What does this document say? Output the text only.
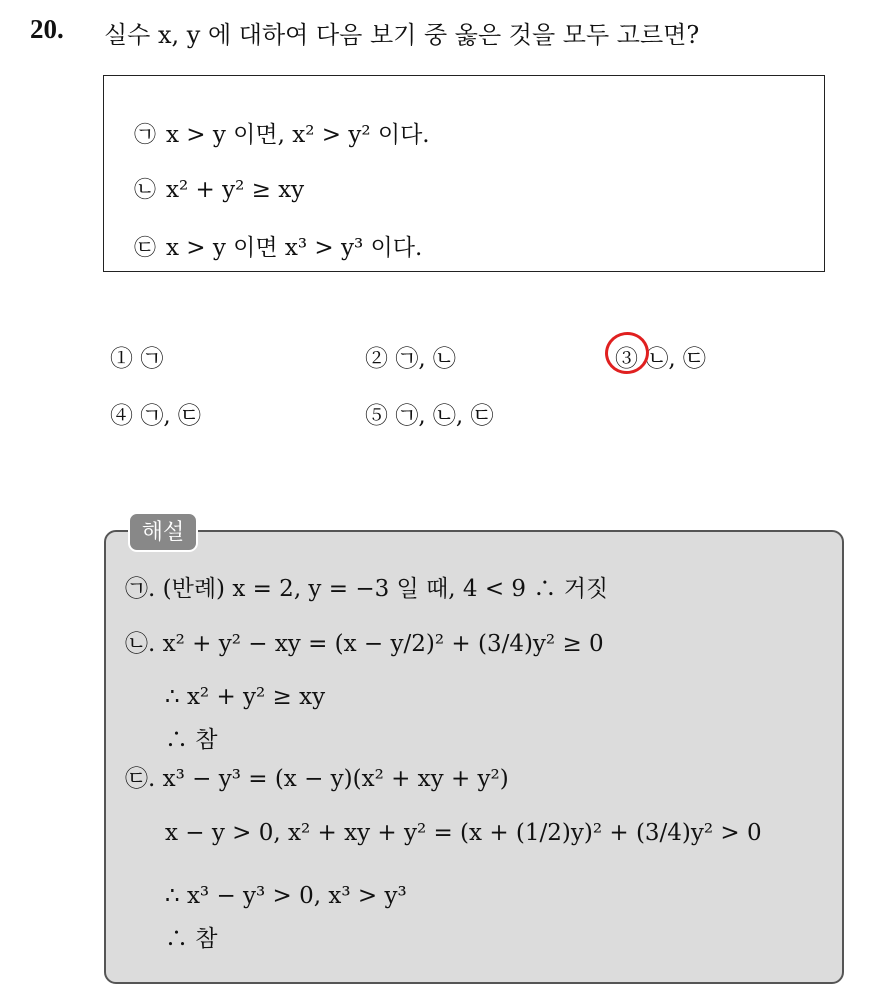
20. 실수 x, y 에 대하여 다음 보기 중 옳은 것을 모두 고르면?
㉠ x > y 이면, x² > y² 이다.
㉡ x² + y² ≥ xy
㉢ x > y 이면 x³ > y³ 이다.
① ㉠	② ㉠, ㉡	③ ㉡, ㉢
④ ㉠, ㉢	⑤ ㉠, ㉡, ㉢
해설
㉠. (반례) x = 2, y = −3 일 때, 4 < 9 ∴ 거짓
㉡. x² + y² − xy = (x − y/2)² + (3/4)y² ≥ 0
∴ x² + y² ≥ xy
∴ 참
㉢. x³ − y³ = (x − y)(x² + xy + y²)
x − y > 0, x² + xy + y² = (x + (1/2)y)² + (3/4)y² > 0
∴ x³ − y³ > 0, x³ > y³
∴ 참
